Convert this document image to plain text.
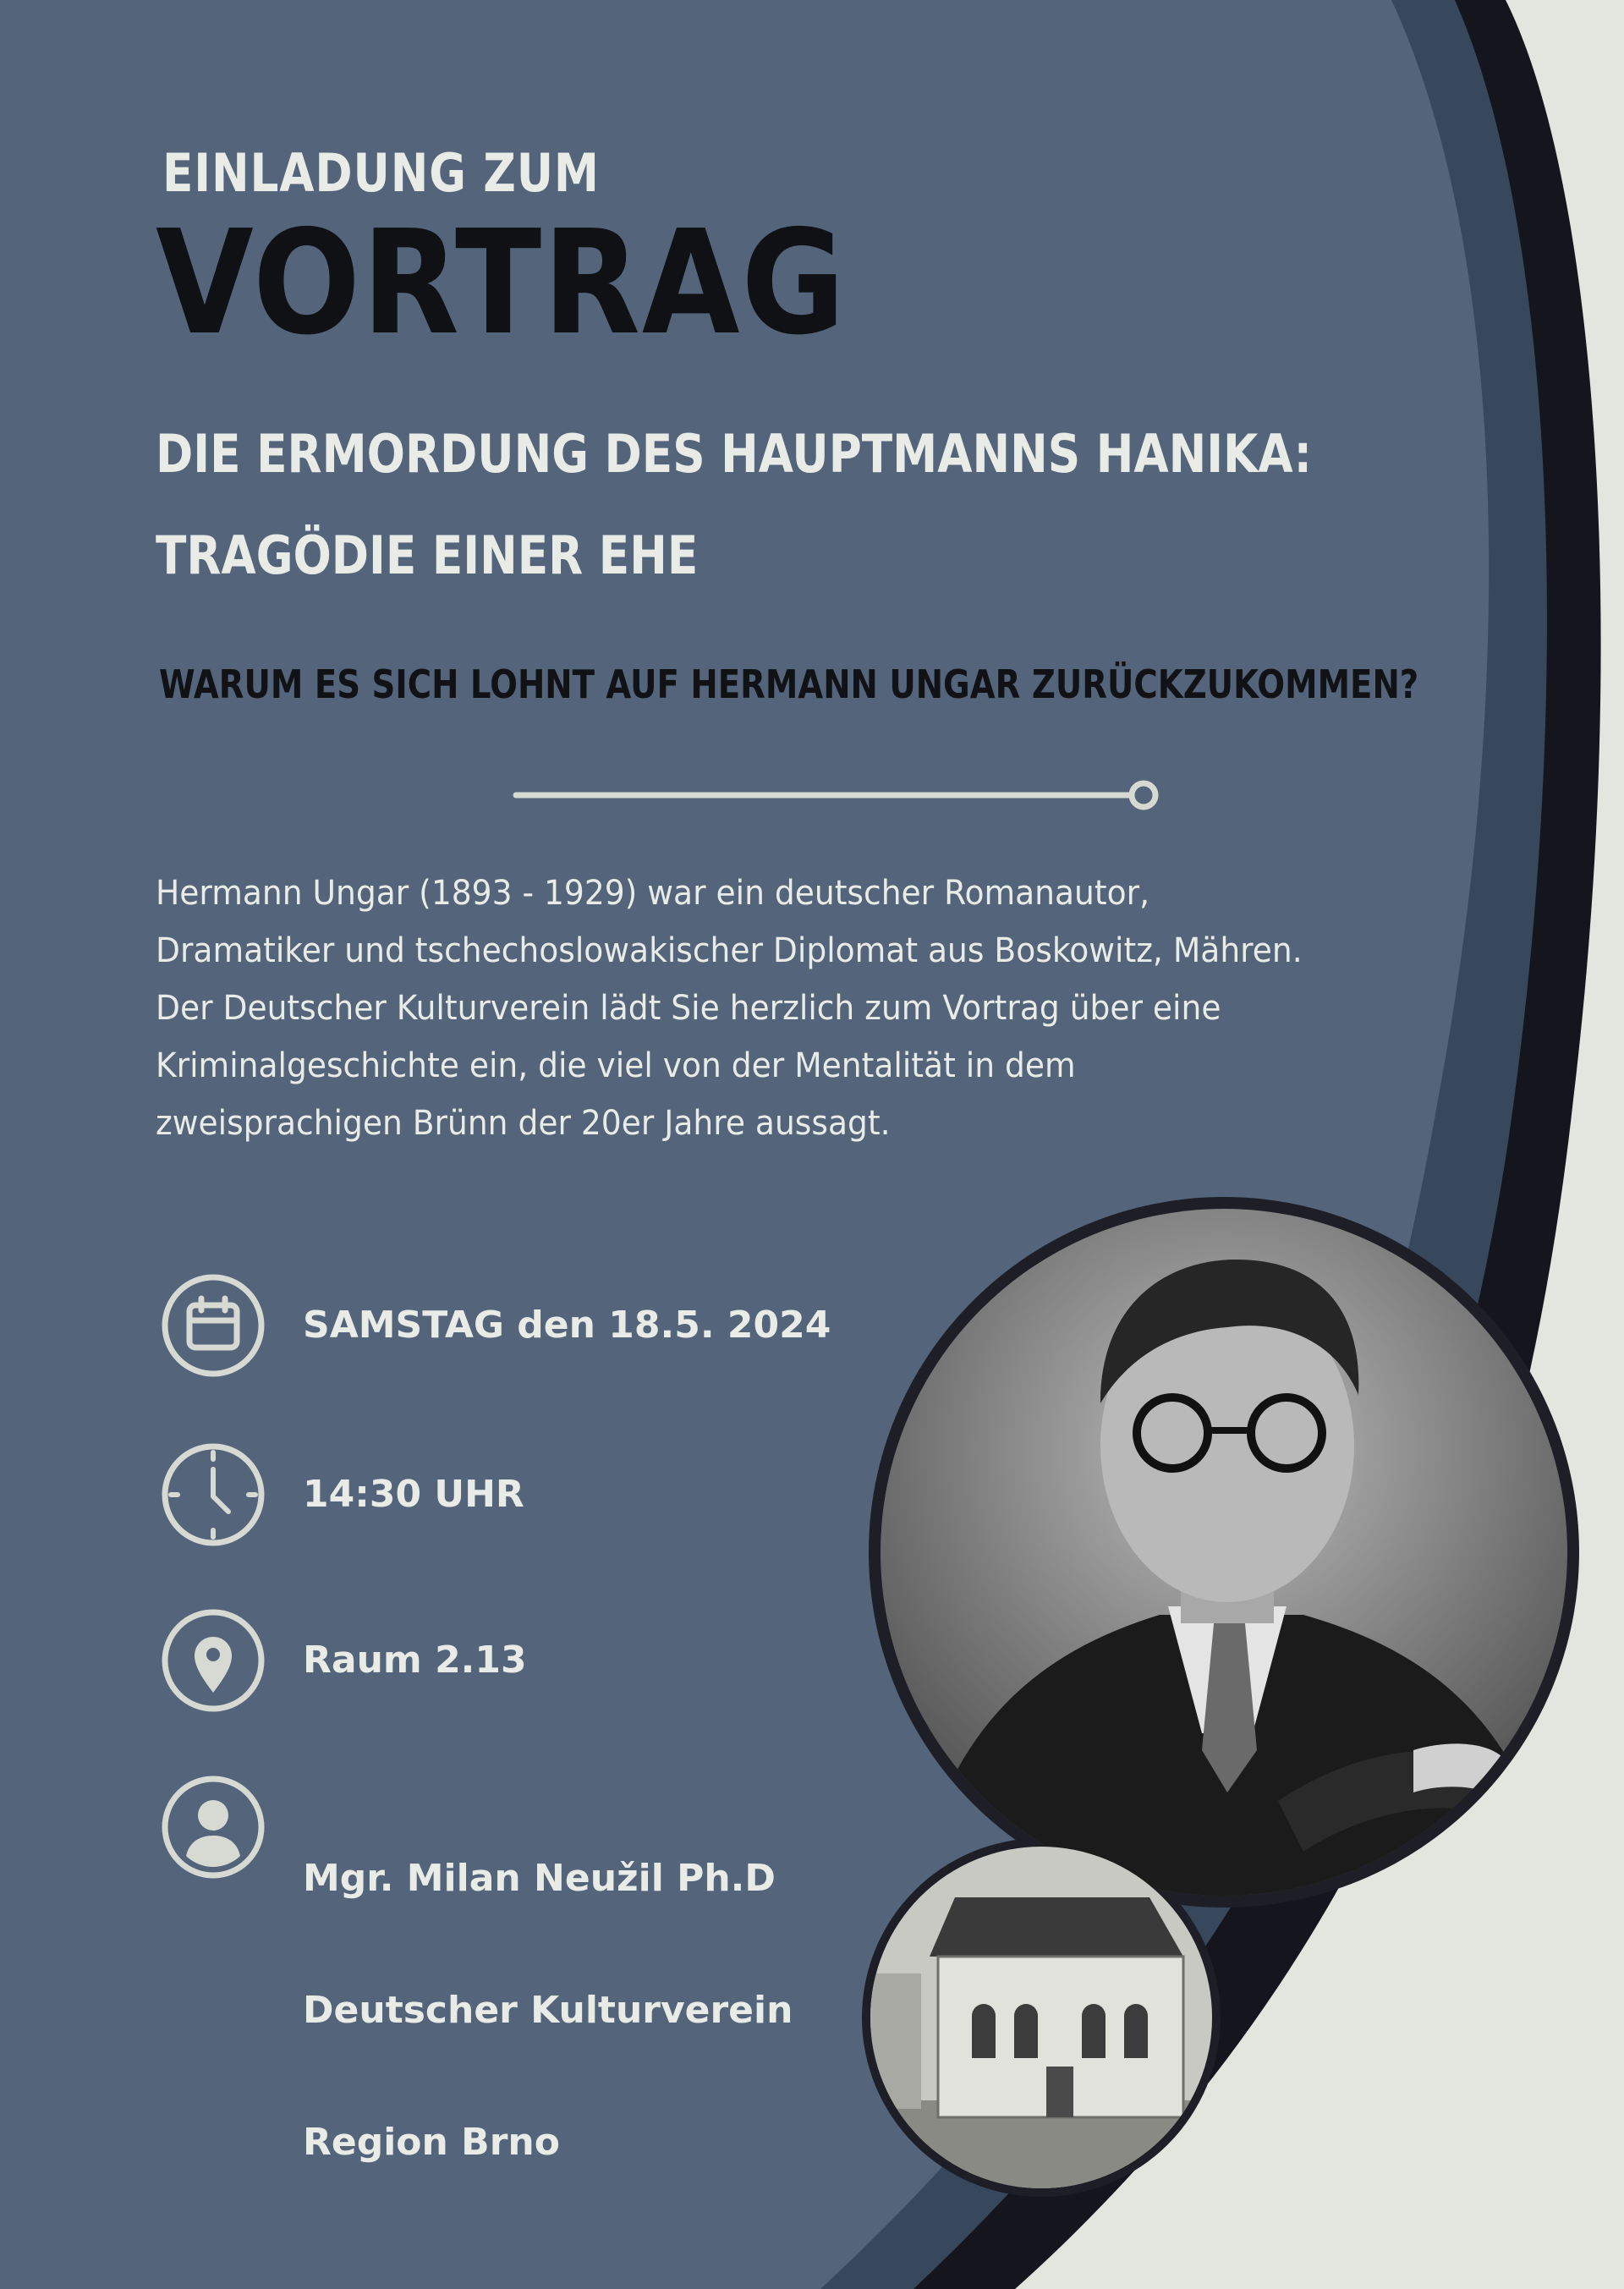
EINLADUNG ZUM
VORTRAG
DIE ERMORDUNG DES HAUPTMANNS HANIKA:
TRAGÖDIE EINER EHE
WARUM ES SICH LOHNT AUF HERMANN UNGAR ZURÜCKZUKOMMEN?

Hermann Ungar (1893 - 1929) war ein deutscher Romanautor, Dramatiker und tschechoslowakischer Diplomat aus Boskowitz, Mähren.

Der Deutscher Kulturverein lädt Sie herzlich zum Vortrag über eine Kriminalgeschichte ein, die viel von der Mentalität in dem zweisprachigen Brünn der 20er Jahre aussagt.

SAMSTAG den 18.5. 2024
14:30 UHR
Raum 2.13

Mgr. Milan Neužil Ph.D

Deutscher Kulturverein

Region Brno
